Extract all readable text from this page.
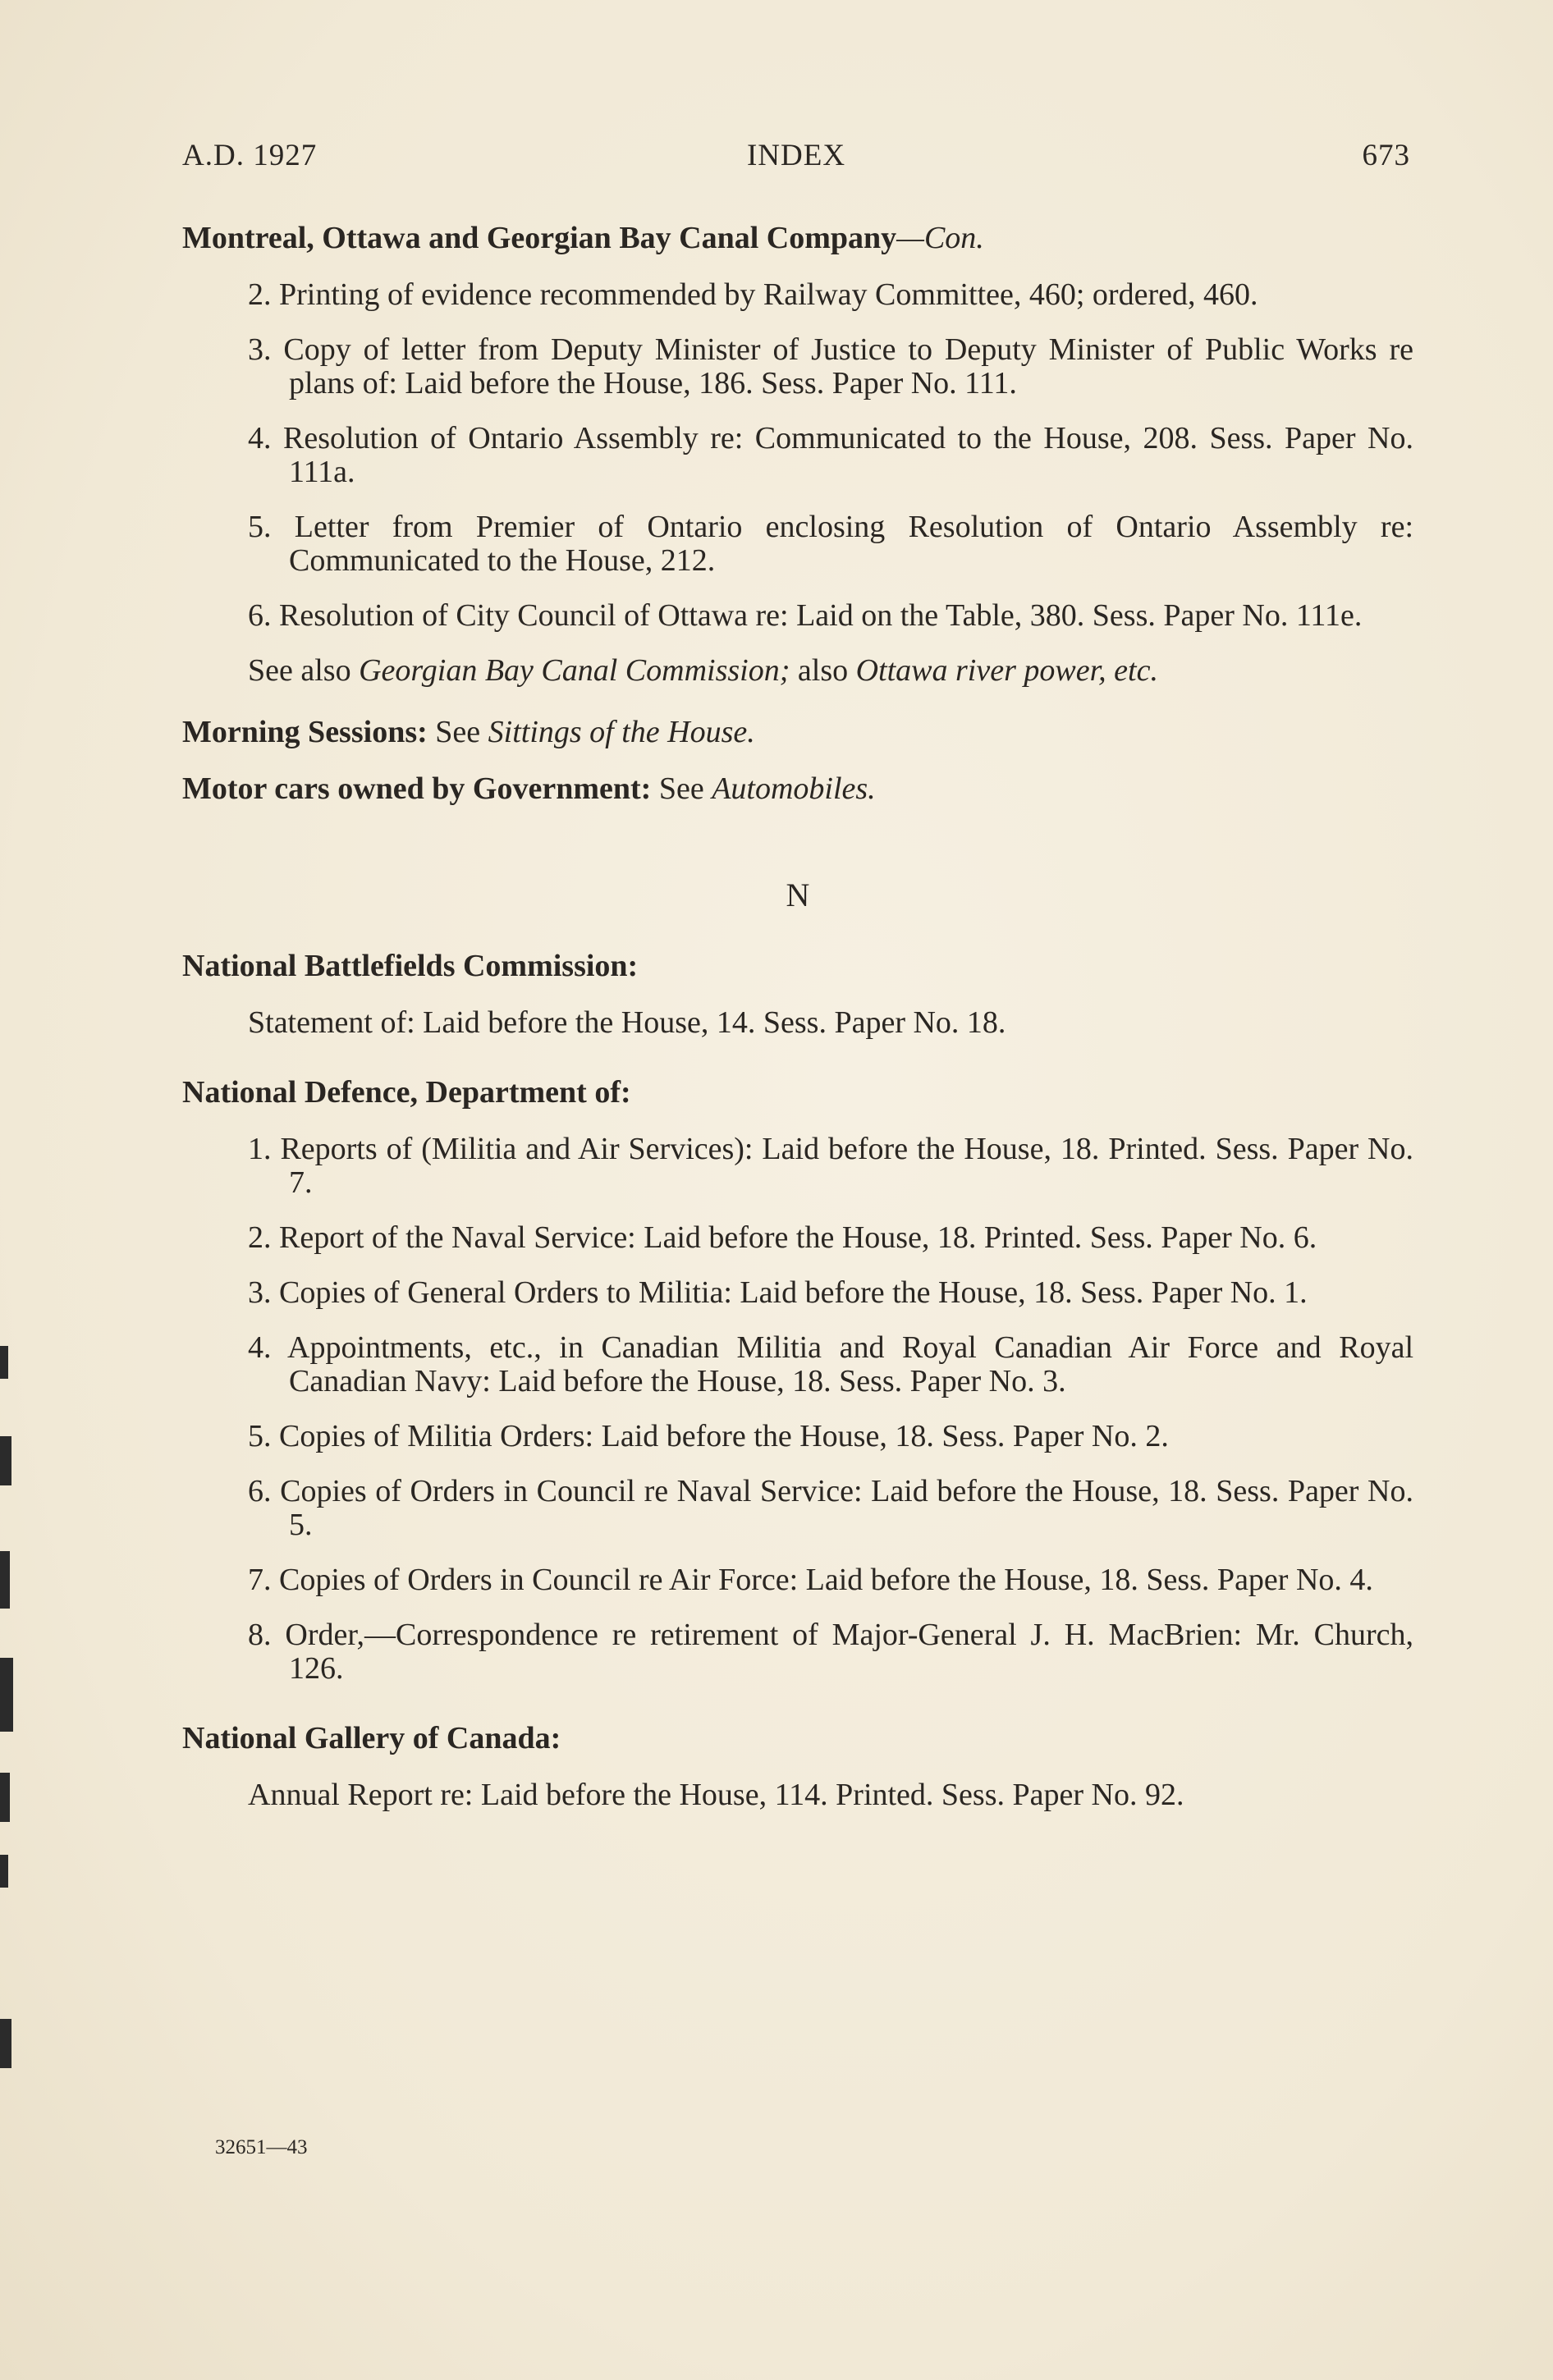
A.D. 1927	INDEX	673
Montreal, Ottawa and Georgian Bay Canal Company—Con.
2. Printing of evidence recommended by Railway Committee, 460; ordered, 460.
3. Copy of letter from Deputy Minister of Justice to Deputy Minister of Public Works re plans of: Laid before the House, 186. Sess. Paper No. 111.
4. Resolution of Ontario Assembly re: Communicated to the House, 208. Sess. Paper No. 111a.
5. Letter from Premier of Ontario enclosing Resolution of Ontario Assembly re: Communicated to the House, 212.
6. Resolution of City Council of Ottawa re: Laid on the Table, 380. Sess. Paper No. 111e.
See also Georgian Bay Canal Commission; also Ottawa river power, etc.
Morning Sessions: See Sittings of the House.
Motor cars owned by Government: See Automobiles.
N
National Battlefields Commission:
Statement of: Laid before the House, 14. Sess. Paper No. 18.
National Defence, Department of:
1. Reports of (Militia and Air Services): Laid before the House, 18. Printed. Sess. Paper No. 7.
2. Report of the Naval Service: Laid before the House, 18. Printed. Sess. Paper No. 6.
3. Copies of General Orders to Militia: Laid before the House, 18. Sess. Paper No. 1.
4. Appointments, etc., in Canadian Militia and Royal Canadian Air Force and Royal Canadian Navy: Laid before the House, 18. Sess. Paper No. 3.
5. Copies of Militia Orders: Laid before the House, 18. Sess. Paper No. 2.
6. Copies of Orders in Council re Naval Service: Laid before the House, 18. Sess. Paper No. 5.
7. Copies of Orders in Council re Air Force: Laid before the House, 18. Sess. Paper No. 4.
8. Order,—Correspondence re retirement of Major-General J. H. MacBrien: Mr. Church, 126.
National Gallery of Canada:
Annual Report re: Laid before the House, 114. Printed. Sess. Paper No. 92.
32651—43
